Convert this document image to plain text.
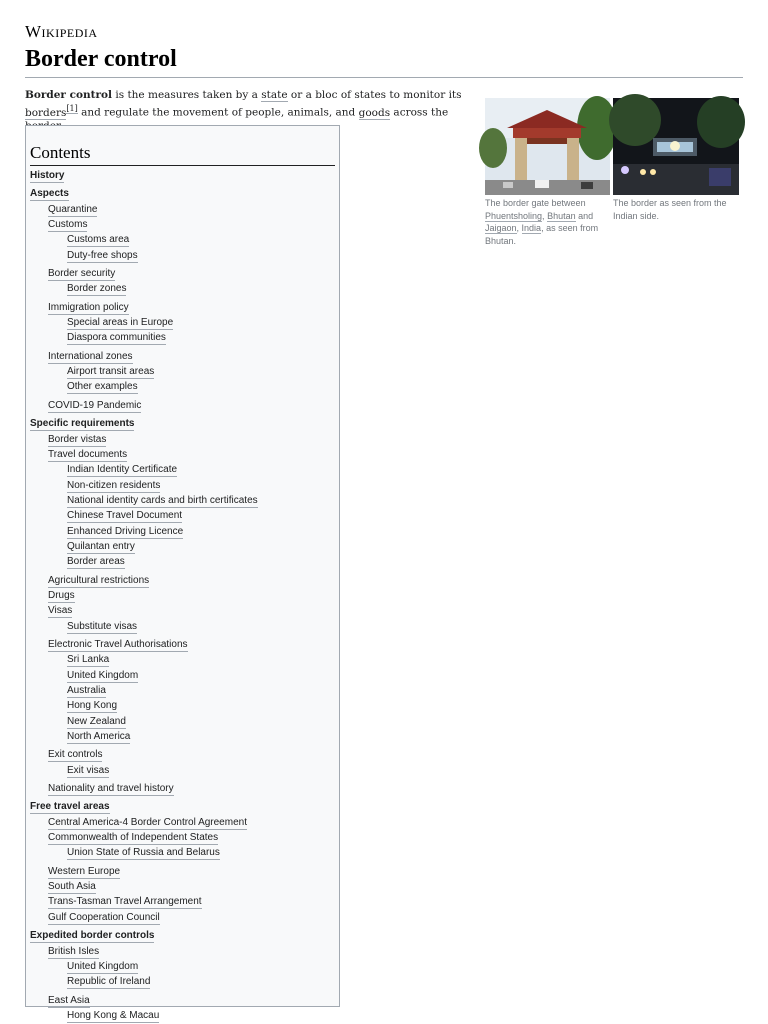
Wikipedia
Border control
Border control is the measures taken by a state or a bloc of states to monitor its borders[1] and regulate the movement of people, animals, and goods across the
Contents
History
Aspects
Quarantine
Customs
Customs area
Duty-free shops
Border security
Border zones
Immigration policy
Special areas in Europe
Diaspora communities
International zones
Airport transit areas
Other examples
COVID-19 Pandemic
Specific requirements
Border vistas
Travel documents
Indian Identity Certificate
Non-citizen residents
National identity cards and birth certificates
Chinese Travel Document
Enhanced Driving Licence
Quilantan entry
Border areas
Agricultural restrictions
Drugs
Visas
Substitute visas
Electronic Travel Authorisations
Sri Lanka
United Kingdom
Australia
Hong Kong
New Zealand
North America
Exit controls
Exit visas
Nationality and travel history
Free travel areas
Central America-4 Border Control Agreement
Commonwealth of Independent States
Union State of Russia and Belarus
Western Europe
South Asia
Trans-Tasman Travel Arrangement
Gulf Cooperation Council
Expedited border controls
British Isles
United Kingdom
Republic of Ireland
East Asia
Hong Kong & Macau
The border gate between Phuentsholing, Bhutan and Jaigaon, India, as seen from Bhutan.
The border as seen from the Indian side.
